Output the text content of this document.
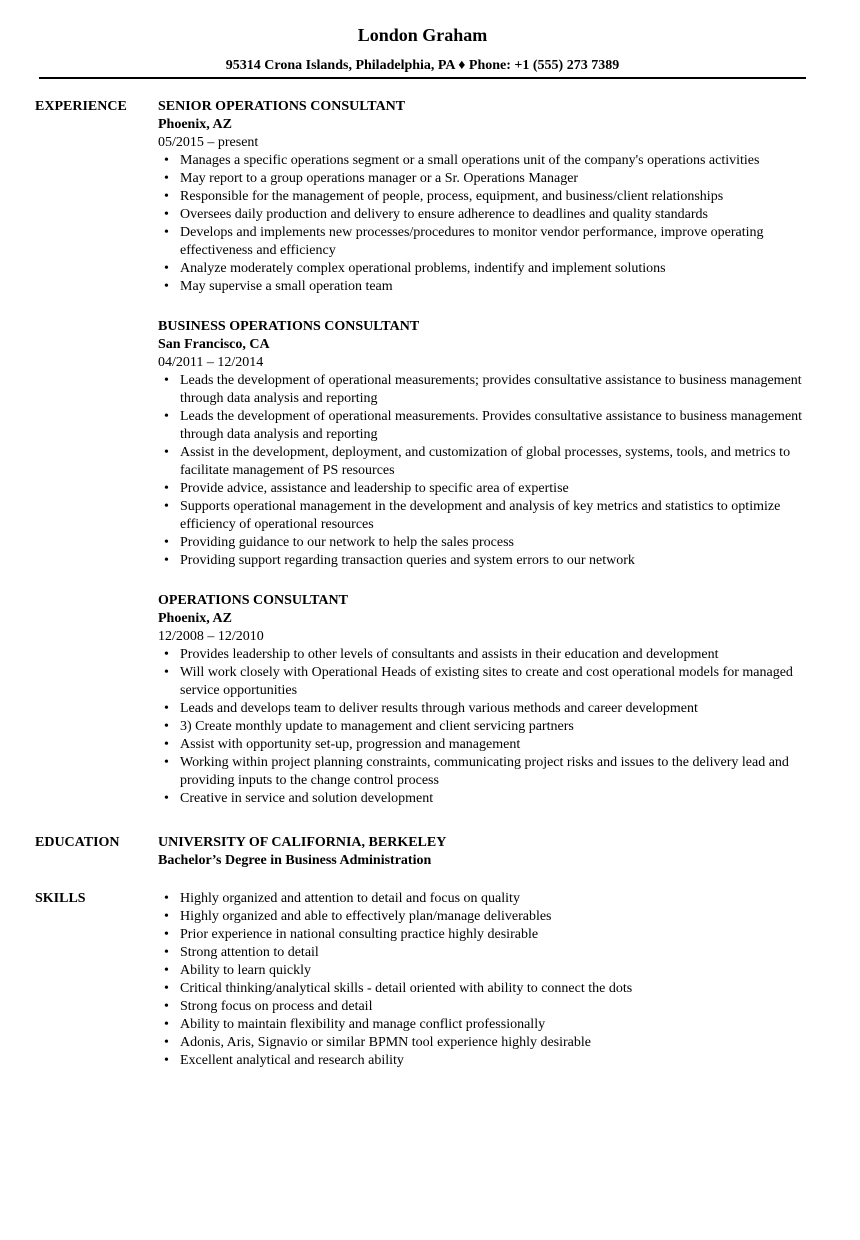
London Graham
95314 Crona Islands, Philadelphia, PA ♦ Phone: +1 (555) 273 7389
EXPERIENCE SENIOR OPERATIONS CONSULTANT
Phoenix, AZ
05/2015 – present
• Manages a specific operations segment or a small operations unit of the company's operations activities
• May report to a group operations manager or a Sr. Operations Manager
• Responsible for the management of people, process, equipment, and business/client relationships
• Oversees daily production and delivery to ensure adherence to deadlines and quality standards
• Develops and implements new processes/procedures to monitor vendor performance, improve operating effectiveness and efficiency
• Analyze moderately complex operational problems, indentify and implement solutions
• May supervise a small operation team
BUSINESS OPERATIONS CONSULTANT
San Francisco, CA
04/2011 – 12/2014
• Leads the development of operational measurements; provides consultative assistance to business management through data analysis and reporting
• Leads the development of operational measurements. Provides consultative assistance to business management through data analysis and reporting
• Assist in the development, deployment, and customization of global processes, systems, tools, and metrics to facilitate management of PS resources
• Provide advice, assistance and leadership to specific area of expertise
• Supports operational management in the development and analysis of key metrics and statistics to optimize efficiency of operational resources
• Providing guidance to our network to help the sales process
• Providing support regarding transaction queries and system errors to our network
OPERATIONS CONSULTANT
Phoenix, AZ
12/2008 – 12/2010
• Provides leadership to other levels of consultants and assists in their education and development
• Will work closely with Operational Heads of existing sites to create and cost operational models for managed service opportunities
• Leads and develops team to deliver results through various methods and career development
• 3) Create monthly update to management and client servicing partners
• Assist with opportunity set-up, progression and management
• Working within project planning constraints, communicating project risks and issues to the delivery lead and providing inputs to the change control process
• Creative in service and solution development
EDUCATION	UNIVERSITY OF CALIFORNIA, BERKELEY
Bachelor’s Degree in Business Administration
SKILLS
•	Highly organized and attention to detail and focus on quality
• Highly organized and able to effectively plan/manage deliverables
• Prior experience in national consulting practice highly desirable
• Strong attention to detail
• Ability to learn quickly
• Critical thinking/analytical skills - detail oriented with ability to connect the dots
• Strong focus on process and detail
• Ability to maintain flexibility and manage conflict professionally
• Adonis, Aris, Signavio or similar BPMN tool experience highly desirable
• Excellent analytical and research ability
